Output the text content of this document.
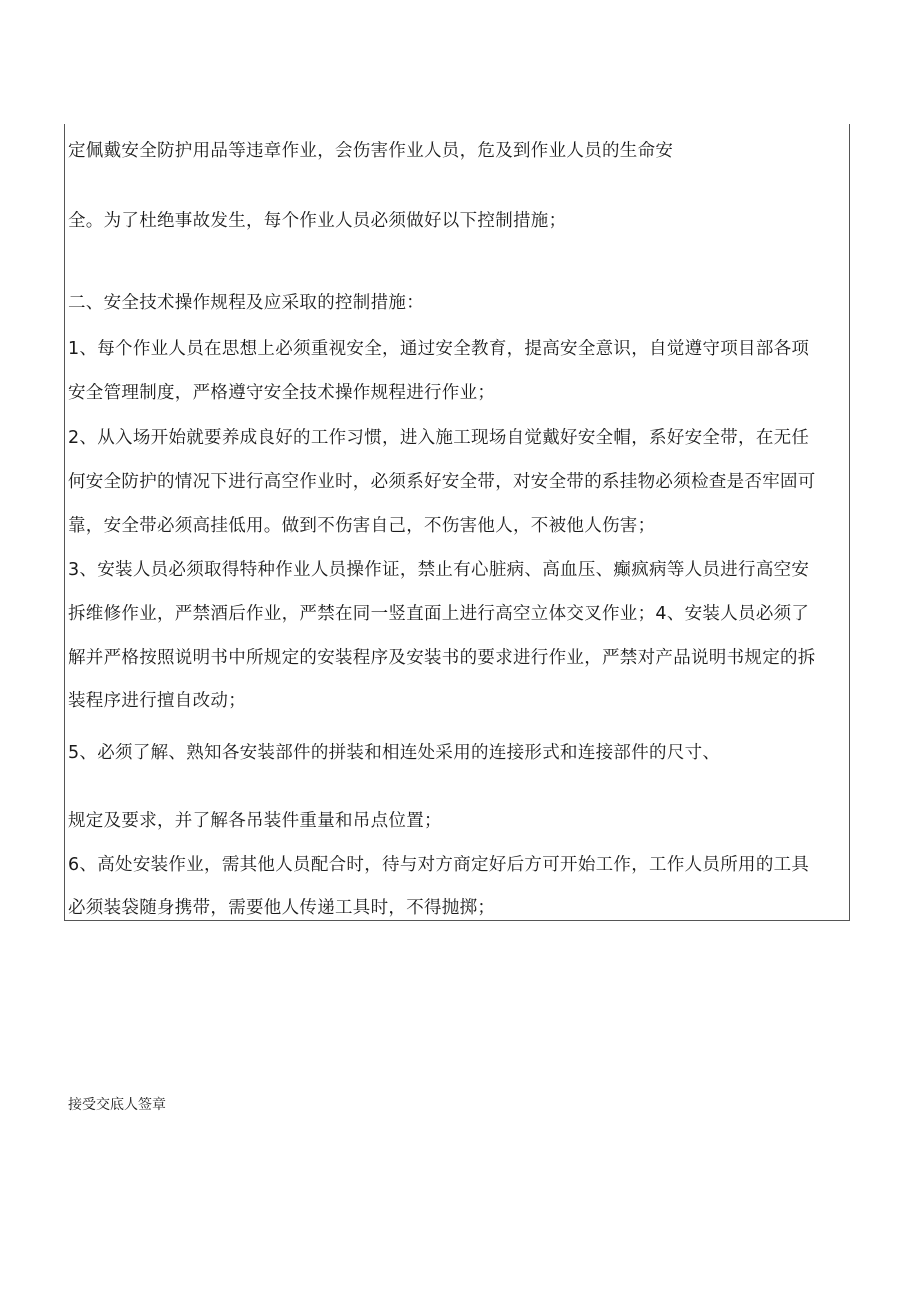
定佩戴安全防护用品等违章作业，会伤害作业人员，危及到作业人员的生命安
全。为了杜绝事故发生，每个作业人员必须做好以下控制措施；
二、安全技术操作规程及应采取的控制措施：
1、每个作业人员在思想上必须重视安全，通过安全教育，提高安全意识，自觉遵守项目部各项
安全管理制度，严格遵守安全技术操作规程进行作业；
2、从入场开始就要养成良好的工作习惯，进入施工现场自觉戴好安全帽，系好安全带，在无任
何安全防护的情况下进行高空作业时，必须系好安全带，对安全带的系挂物必须检查是否牢固可
靠，安全带必须高挂低用。做到不伤害自己，不伤害他人，不被他人伤害；
3、安装人员必须取得特种作业人员操作证，禁止有心脏病、高血压、癫疯病等人员进行高空安
拆维修作业，严禁酒后作业，严禁在同一竖直面上进行高空立体交叉作业；4、安装人员必须了
解并严格按照说明书中所规定的安装程序及安装书的要求进行作业，严禁对产品说明书规定的拆
装程序进行擅自改动；
5、必须了解、熟知各安装部件的拼装和相连处采用的连接形式和连接部件的尺寸、
规定及要求，并了解各吊装件重量和吊点位置；
6、高处安装作业，需其他人员配合时，待与对方商定好后方可开始工作，工作人员所用的工具
必须装袋随身携带，需要他人传递工具时，不得抛掷；
接受交底人签章
